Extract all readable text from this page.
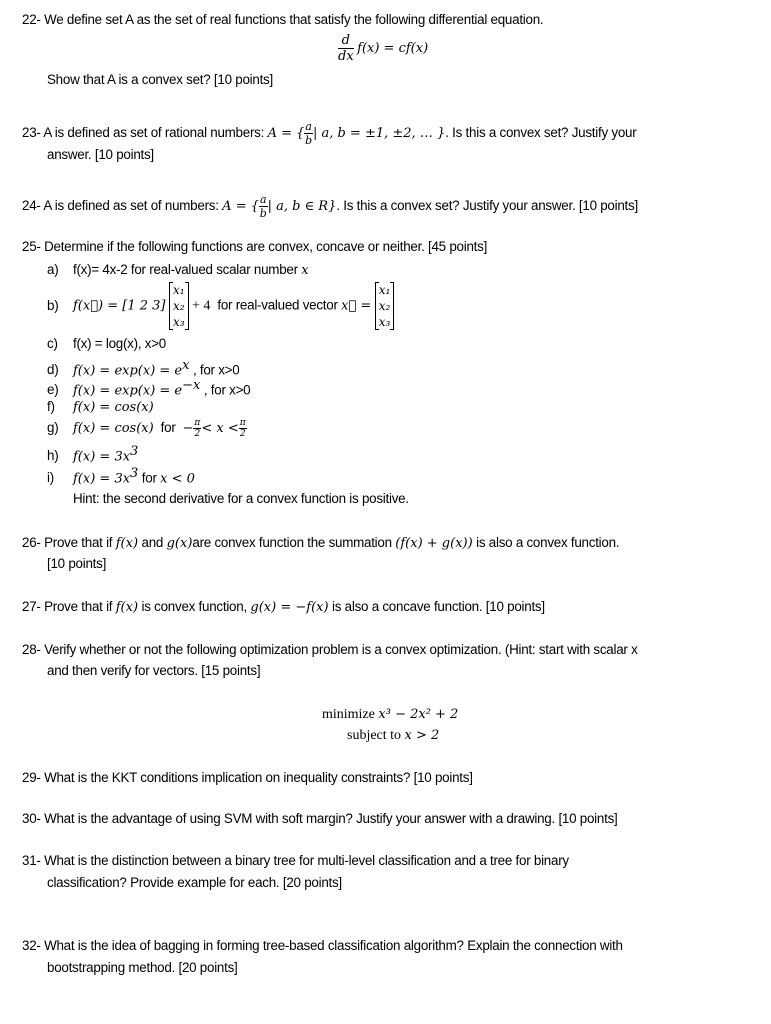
22- We define set A as the set of real functions that satisfy the following differential equation.
$\frac{d}{dx} f(x) = cf(x)$
Show that A is a convex set? [10 points]
23- A is defined as set of rational numbers: A = { $\frac{a}{b}$ | a, b = ±1, ±2, … }. Is this a convex set? Justify your
answer. [10 points]
24- A is defined as set of numbers: A = { $\frac{a}{b}$ | a, b ∈ R}. Is this a convex set? Justify your answer. [10 points]
25- Determine if the following functions are convex, concave or neither. [45 points]
a) f(x)= 4x-2 for real-valued scalar number x
b) f(x⃗) = [1 2 3]
x₁
x₂
x₃
+ 4 for real-valued vector x⃗ =
x₁
x₂
x₃
c) f(x) = log(x), x>0
d) $f(x) = \exp(x) = e^x$ , for x>0
e) $f(x) = \exp(x) = e^{-x}$ , for x>0
f) f(x) = cos(x)
g) f(x) = cos(x) for − $\frac{\pi}{2} < x < \frac{\pi}{2}$
h) $f(x) = 3x^3$
i) $f(x) = 3x^3$ for x < 0
Hint: the second derivative for a convex function is positive.
26- Prove that if f(x) and g(x)are convex function the summation (f(x) + g(x)) is also a convex function.
[10 points]
27- Prove that if f(x) is convex function, g(x) = −f(x) is also a concave function. [10 points]
28- Verify whether or not the following optimization problem is a convex optimization. (Hint: start with scalar x
and then verify for vectors. [15 points]
minimize x³ − 2x² + 2
subject to x > 2
29- What is the KKT conditions implication on inequality constraints? [10 points]
30- What is the advantage of using SVM with soft margin? Justify your answer with a drawing. [10 points]
31- What is the distinction between a binary tree for multi-level classification and a tree for binary
classification? Provide example for each. [20 points]
32- What is the idea of bagging in forming tree-based classification algorithm? Explain the connection with
bootstrapping method. [20 points]
